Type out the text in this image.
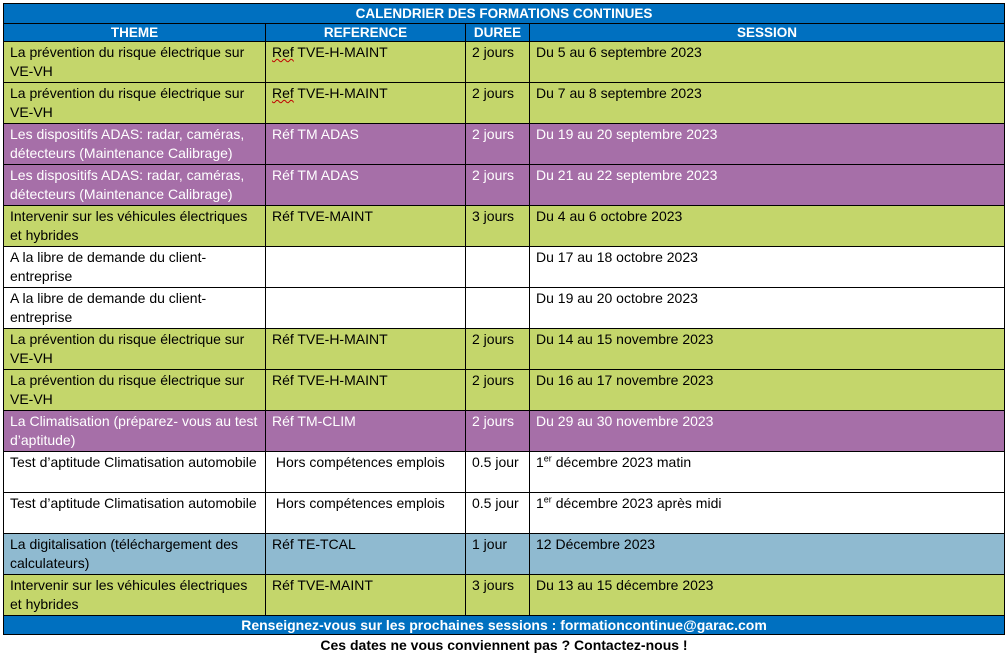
CALENDRIER DES FORMATIONS CONTINUES			
THEME	REFERENCE	DUREE	SESSION
La prévention du risque électrique sur VE-VH	Ref TVE-H-MAINT	2 jours	Du 5 au 6 septembre 2023
La prévention du risque électrique sur VE-VH	Ref TVE-H-MAINT	2 jours	Du 7 au 8 septembre 2023
Les dispositifs ADAS: radar, caméras, détecteurs (Maintenance Calibrage)	Réf TM ADAS	2 jours	Du 19 au 20 septembre 2023
Les dispositifs ADAS: radar, caméras, détecteurs (Maintenance Calibrage)	Réf TM ADAS	2 jours	Du 21 au 22 septembre 2023
Intervenir sur les véhicules électriques et hybrides	Réf TVE-MAINT	3 jours	Du 4 au 6 octobre 2023
A la libre de demande du client-entreprise			Du 17 au 18 octobre 2023
A la libre de demande du client-entreprise			Du 19 au 20 octobre 2023
La prévention du risque électrique sur VE-VH	Réf TVE-H-MAINT	2 jours	Du 14 au 15 novembre 2023
La prévention du risque électrique sur VE-VH	Réf TVE-H-MAINT	2 jours	Du 16 au 17 novembre 2023
La Climatisation (préparez- vous au test d’aptitude)	Réf TM-CLIM	2 jours	Du 29 au 30 novembre 2023
Test d’aptitude Climatisation automobile	Hors compétences emplois	0.5 jour	1er décembre 2023 matin
Test d’aptitude Climatisation automobile	Hors compétences emplois	0.5 jour	1er décembre 2023 après midi
La digitalisation (téléchargement des calculateurs)	Réf TE-TCAL	1 jour	12 Décembre 2023
Intervenir sur les véhicules électriques et hybrides	Réf TVE-MAINT	3 jours	Du 13 au 15 décembre 2023
Renseignez-vous sur les prochaines sessions : formationcontinue@garac.com			
Ces dates ne vous conviennent pas ? Contactez-nous !
